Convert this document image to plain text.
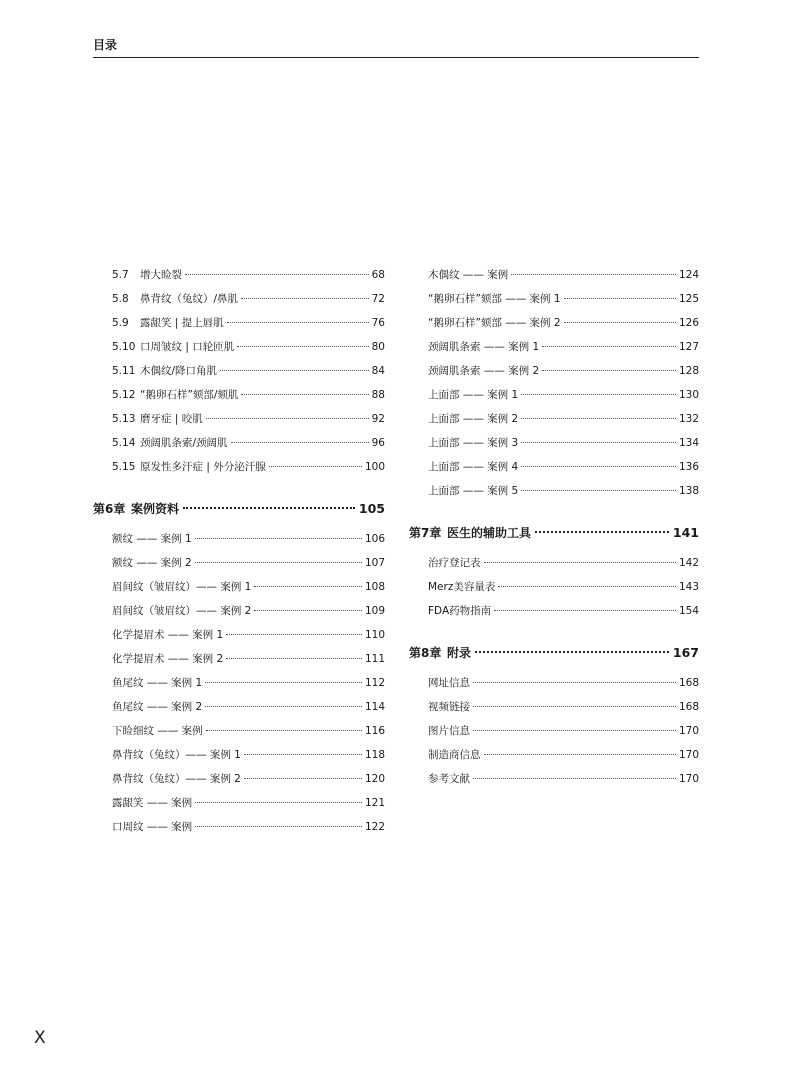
目录
5.7	增大睑裂	68
5.8	鼻背纹（兔纹）/鼻肌	72
5.9	露龈笑 | 提上唇肌	76
5.10 口周皱纹 | 口轮匝肌	80
5.11 木偶纹/降口角肌	84
5.12 “鹅卵石样”颏部/颏肌	88
5.13 磨牙症 | 咬肌	92
5.14 颈阔肌条索/颈阔肌	96
5.15 原发性多汗症 | 外分泌汗腺	100
第6章 案例资料	105
额纹 —— 案例 1	106
额纹 —— 案例 2	107
眉间纹（皱眉纹）—— 案例 1	108
眉间纹（皱眉纹）—— 案例 2	109
化学提眉术 —— 案例 1	110
化学提眉术 —— 案例 2	111
鱼尾纹 —— 案例 1	112
鱼尾纹 —— 案例 2	114
下睑细纹 —— 案例	116
鼻背纹（兔纹）—— 案例 1	118
鼻背纹（兔纹）—— 案例 2	120
露龈笑 —— 案例	121
口周纹 —— 案例	122
木偶纹 —— 案例	124
“鹅卵石样”颏部 —— 案例 1	125
“鹅卵石样”颏部 —— 案例 2	126
颈阔肌条索 —— 案例 1	127
颈阔肌条索 —— 案例 2	128
上面部 —— 案例 1	130
上面部 —— 案例 2	132
上面部 —— 案例 3	134
上面部 —— 案例 4	136
上面部 —— 案例 5	138
第7章 医生的辅助工具	141
治疗登记表	142
Merz美容量表	143
FDA药物指南	154
第8章 附录	167
网址信息	168
视频链接	168
图片信息	170
制造商信息	170
参考文献	170
X
